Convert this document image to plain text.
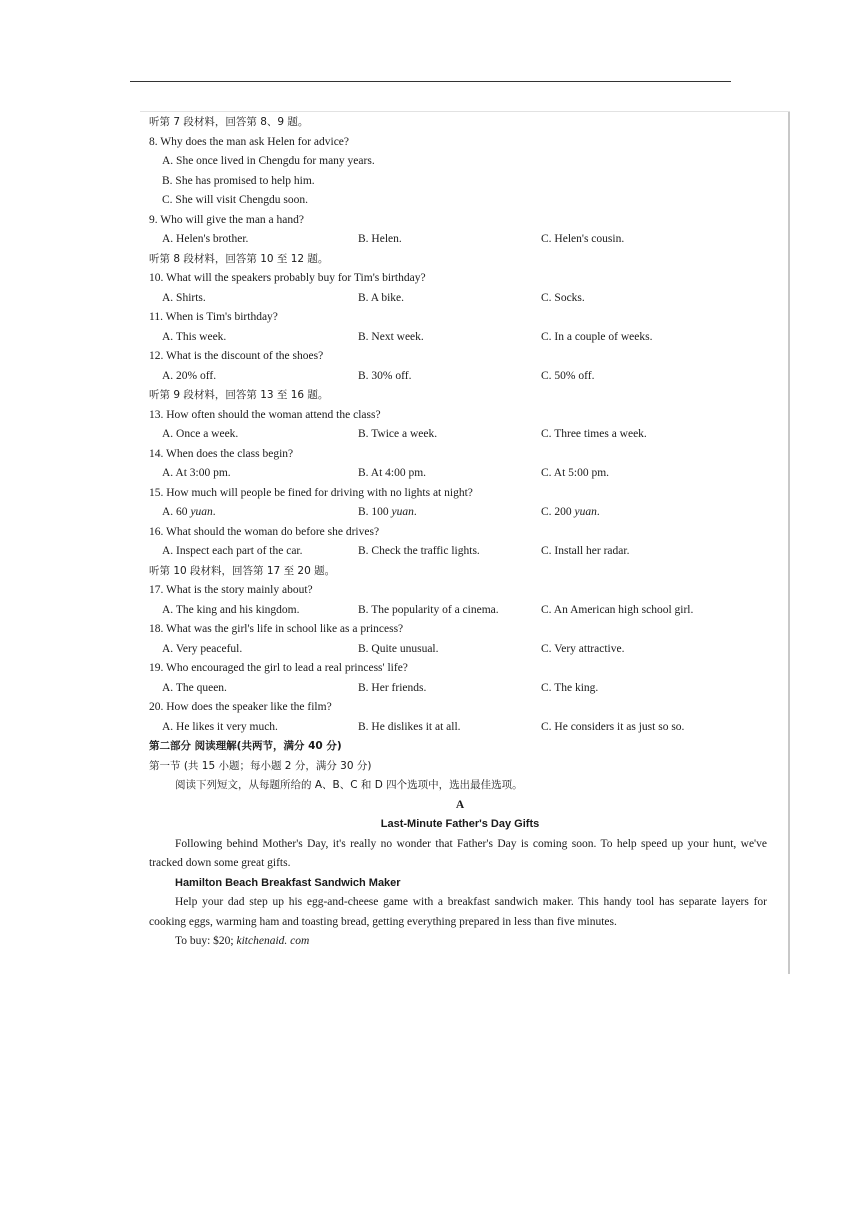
听第 7 段材料，回答第 8、9 题。
8. Why does the man ask Helen for advice?
A. She once lived in Chengdu for many years.
B. She has promised to help him.
C. She will visit Chengdu soon.
9. Who will give the man a hand?
A. Helen's brother.	B. Helen.	C. Helen's cousin.
听第 8 段材料，回答第 10 至 12 题。
10. What will the speakers probably buy for Tim's birthday?
A. Shirts.	B. A bike.	C. Socks.
11. When is Tim's birthday?
A. This week.	B. Next week.	C. In a couple of weeks.
12. What is the discount of the shoes?
A. 20% off.	B. 30% off.	C. 50% off.
听第 9 段材料，回答第 13 至 16 题。
13. How often should the woman attend the class?
A. Once a week.	B. Twice a week.	C. Three times a week.
14. When does the class begin?
A. At 3:00 pm.	B. At 4:00 pm.	C. At 5:00 pm.
15. How much will people be fined for driving with no lights at night?
A. 60 yuan.	B. 100 yuan.	C. 200 yuan.
16. What should the woman do before she drives?
A. Inspect each part of the car.	B. Check the traffic lights.	C. Install her radar.
听第 10 段材料，回答第 17 至 20 题。
17. What is the story mainly about?
A. The king and his kingdom.	B. The popularity of a cinema.	C. An American high school girl.
18. What was the girl's life in school like as a princess?
A. Very peaceful.	B. Quite unusual.	C. Very attractive.
19. Who encouraged the girl to lead a real princess' life?
A. The queen.	B. Her friends.	C. The king.
20. How does the speaker like the film?
A. He likes it very much.	B. He dislikes it at all.	C. He considers it as just so so.
第二部分 阅读理解(共两节，满分 40 分)
第一节 (共 15 小题；每小题 2 分，满分 30 分)
阅读下列短文，从每题所给的 A、B、C 和 D 四个选项中，选出最佳选项。
A
Last-Minute Father's Day Gifts

Following behind Mother's Day, it's really no wonder that Father's Day is coming soon. To help speed up your hunt, we've tracked down some great gifts.

Hamilton Beach Breakfast Sandwich Maker

Help your dad step up his egg-and-cheese game with a breakfast sandwich maker. This handy tool has separate layers for cooking eggs, warming ham and toasting bread, getting everything prepared in less than five minutes.

To buy: $20; kitchenaid. com
